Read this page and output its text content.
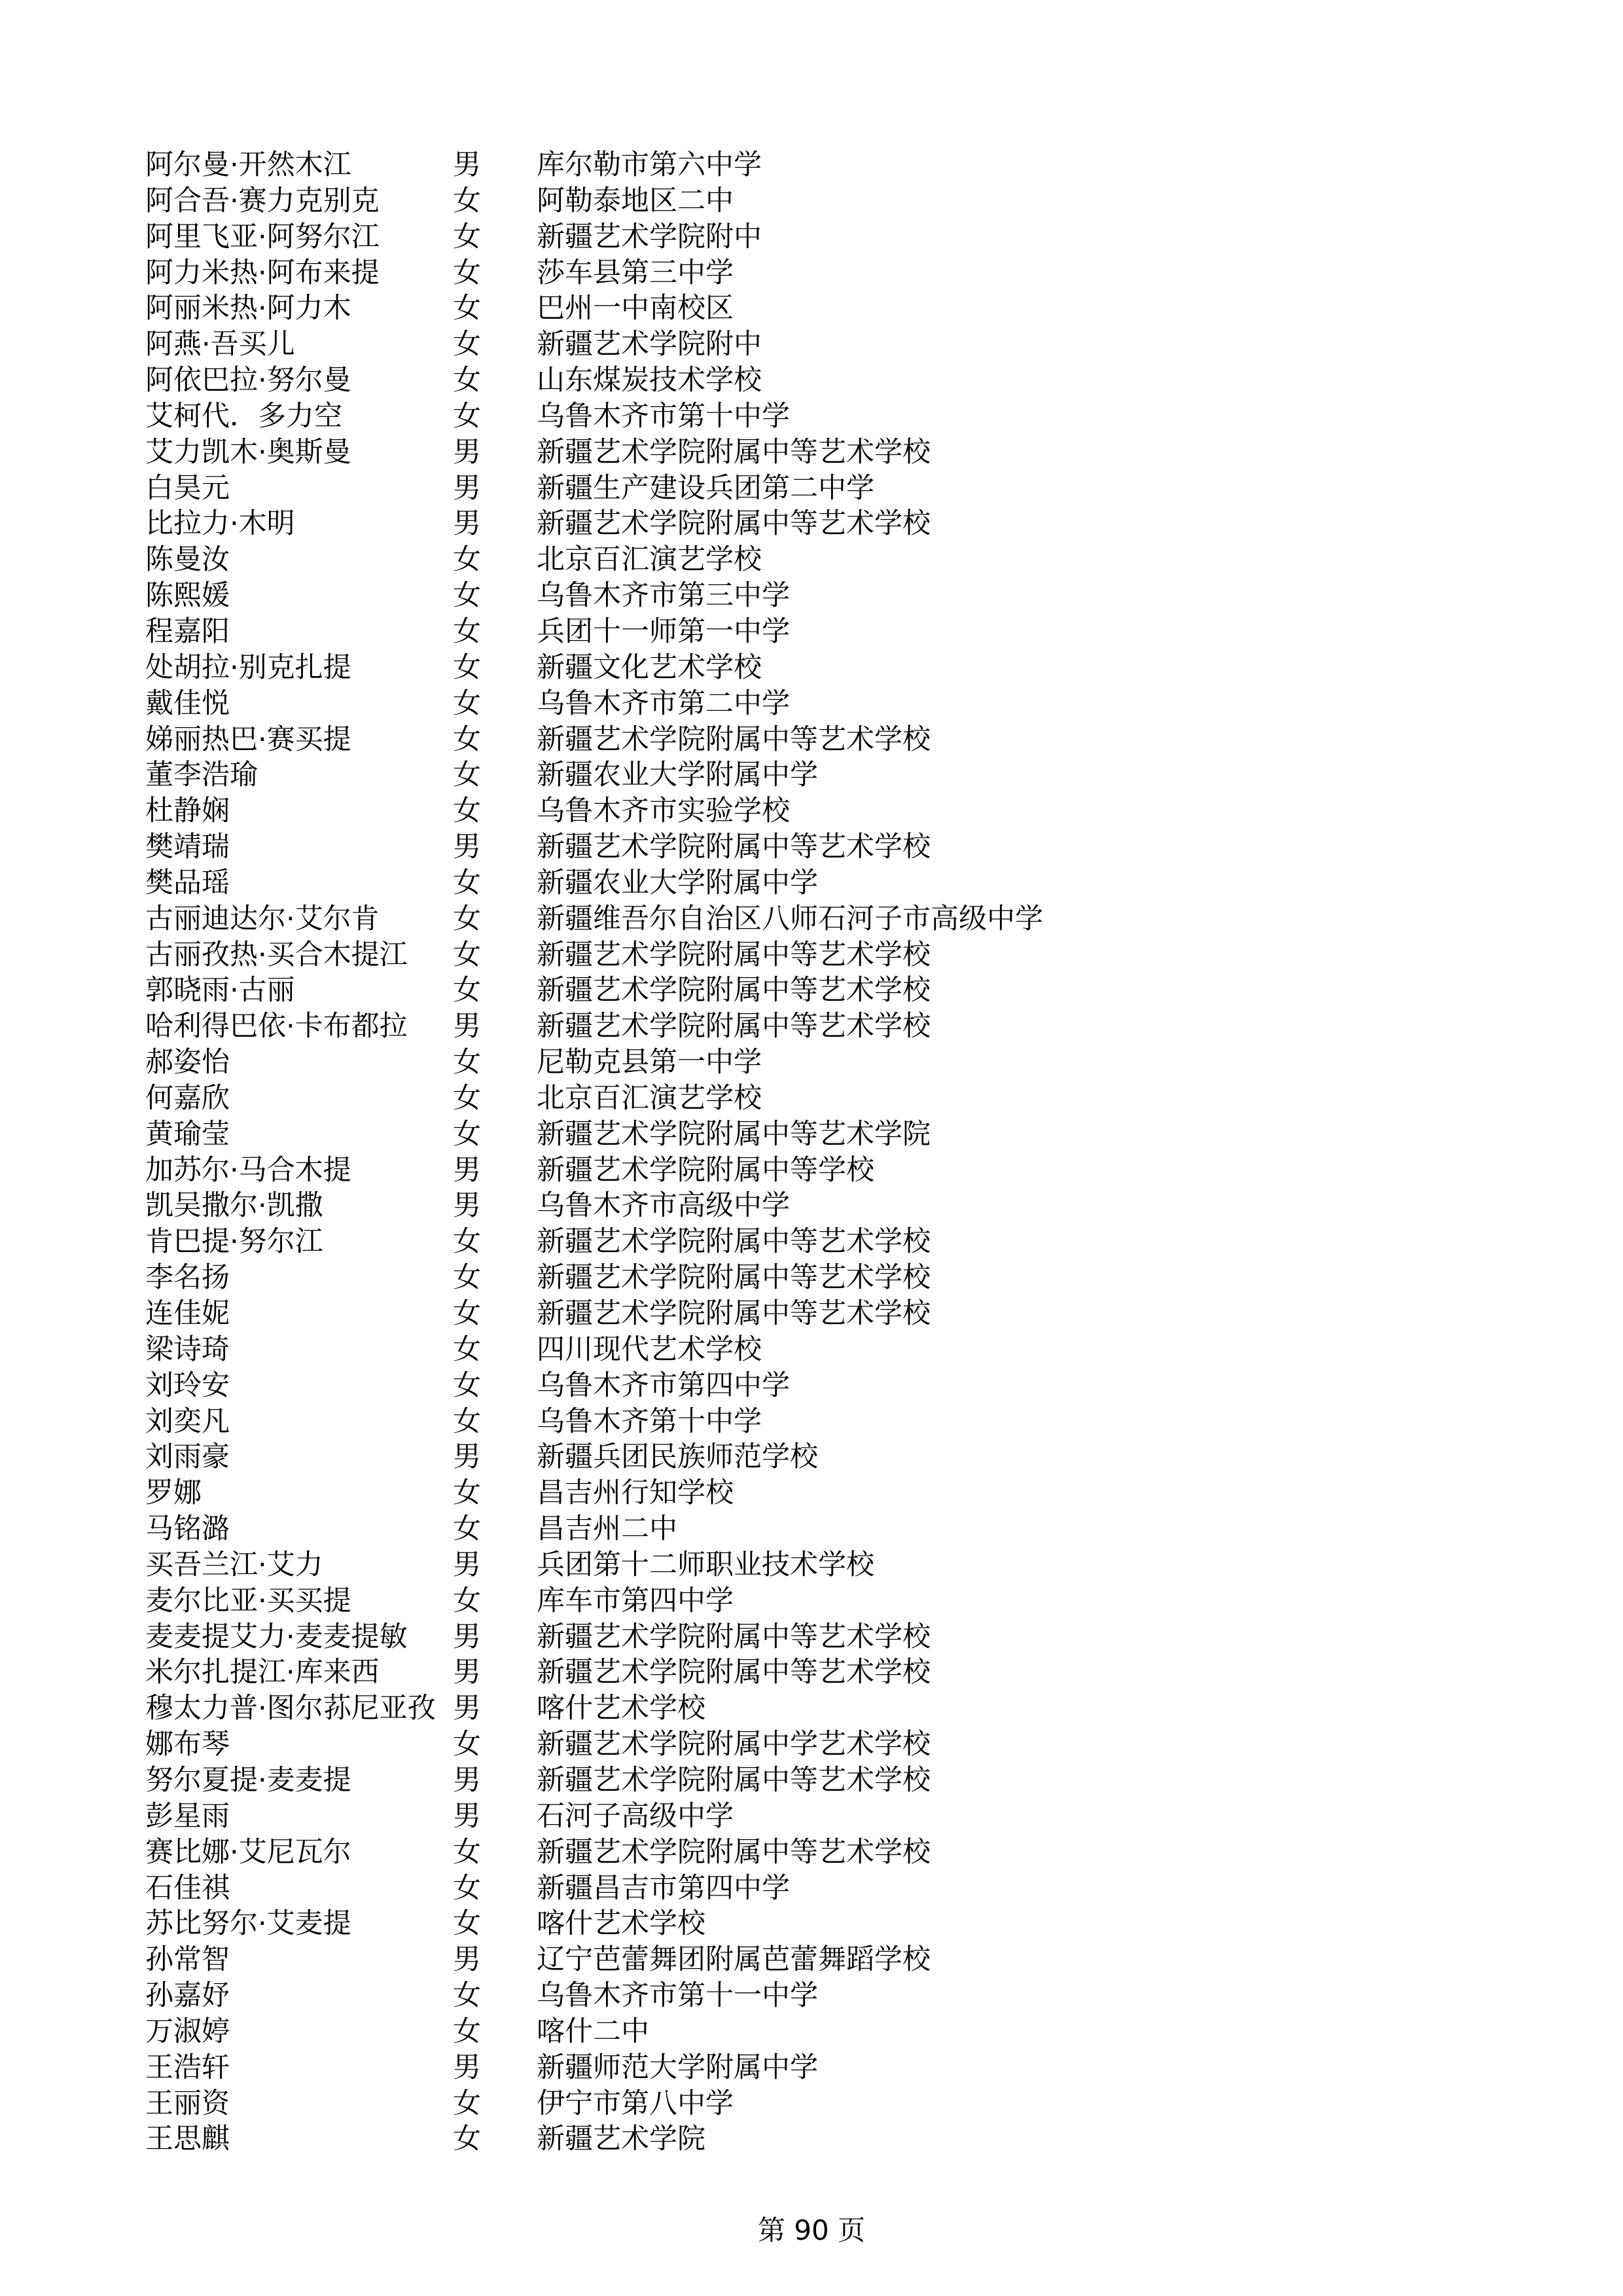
阿尔曼·开然木江	男	库尔勒市第六中学
阿合吾·赛力克别克	女	阿勒泰地区二中
阿里飞亚·阿努尔江	女	新疆艺术学院附中
阿力米热·阿布来提	女	莎车县第三中学
阿丽米热·阿力木	女	巴州一中南校区
阿燕·吾买儿	女	新疆艺术学院附中
阿依巴拉·努尔曼	女	山东煤炭技术学校
艾柯代．多力空	女	乌鲁木齐市第十中学
艾力凯木·奥斯曼	男	新疆艺术学院附属中等艺术学校
白昊元	男	新疆生产建设兵团第二中学
比拉力·木明	男	新疆艺术学院附属中等艺术学校
陈曼汝	女	北京百汇演艺学校
陈熙媛	女	乌鲁木齐市第三中学
程嘉阳	女	兵团十一师第一中学
处胡拉·别克扎提	女	新疆文化艺术学校
戴佳悦	女	乌鲁木齐市第二中学
娣丽热巴·赛买提	女	新疆艺术学院附属中等艺术学校
董李浩瑜	女	新疆农业大学附属中学
杜静娴	女	乌鲁木齐市实验学校
樊靖瑞	男	新疆艺术学院附属中等艺术学校
樊品瑶	女	新疆农业大学附属中学
古丽迪达尔·艾尔肯	女	新疆维吾尔自治区八师石河子市高级中学
古丽孜热·买合木提江	女	新疆艺术学院附属中等艺术学校
郭晓雨·古丽	女	新疆艺术学院附属中等艺术学校
哈利得巴依·卡布都拉	男	新疆艺术学院附属中等艺术学校
郝姿怡	女	尼勒克县第一中学
何嘉欣	女	北京百汇演艺学校
黄瑜莹	女	新疆艺术学院附属中等艺术学院
加苏尔·马合木提	男	新疆艺术学院附属中等学校
凯吴撒尔·凯撒	男	乌鲁木齐市高级中学
肯巴提·努尔江	女	新疆艺术学院附属中等艺术学校
李名扬	女	新疆艺术学院附属中等艺术学校
连佳妮	女	新疆艺术学院附属中等艺术学校
梁诗琦	女	四川现代艺术学校
刘玲安	女	乌鲁木齐市第四中学
刘奕凡	女	乌鲁木齐第十中学
刘雨豪	男	新疆兵团民族师范学校
罗娜	女	昌吉州行知学校
马铭潞	女	昌吉州二中
买吾兰江·艾力	男	兵团第十二师职业技术学校
麦尔比亚·买买提	女	库车市第四中学
麦麦提艾力·麦麦提敏	男	新疆艺术学院附属中等艺术学校
米尔扎提江·库来西	男	新疆艺术学院附属中等艺术学校
穆太力普·图尔荪尼亚孜 男	喀什艺术学校
娜布琴	女	新疆艺术学院附属中学艺术学校
努尔夏提·麦麦提	男	新疆艺术学院附属中等艺术学校
彭星雨	男	石河子高级中学
赛比娜·艾尼瓦尔	女	新疆艺术学院附属中等艺术学校
石佳祺	女	新疆昌吉市第四中学
苏比努尔·艾麦提	女	喀什艺术学校
孙常智	男	辽宁芭蕾舞团附属芭蕾舞蹈学校
孙嘉妤	女	乌鲁木齐市第十一中学
万淑婷	女	喀什二中
王浩轩	男	新疆师范大学附属中学
王丽资	女	伊宁市第八中学
王思麒	女	新疆艺术学院
第 90 页
